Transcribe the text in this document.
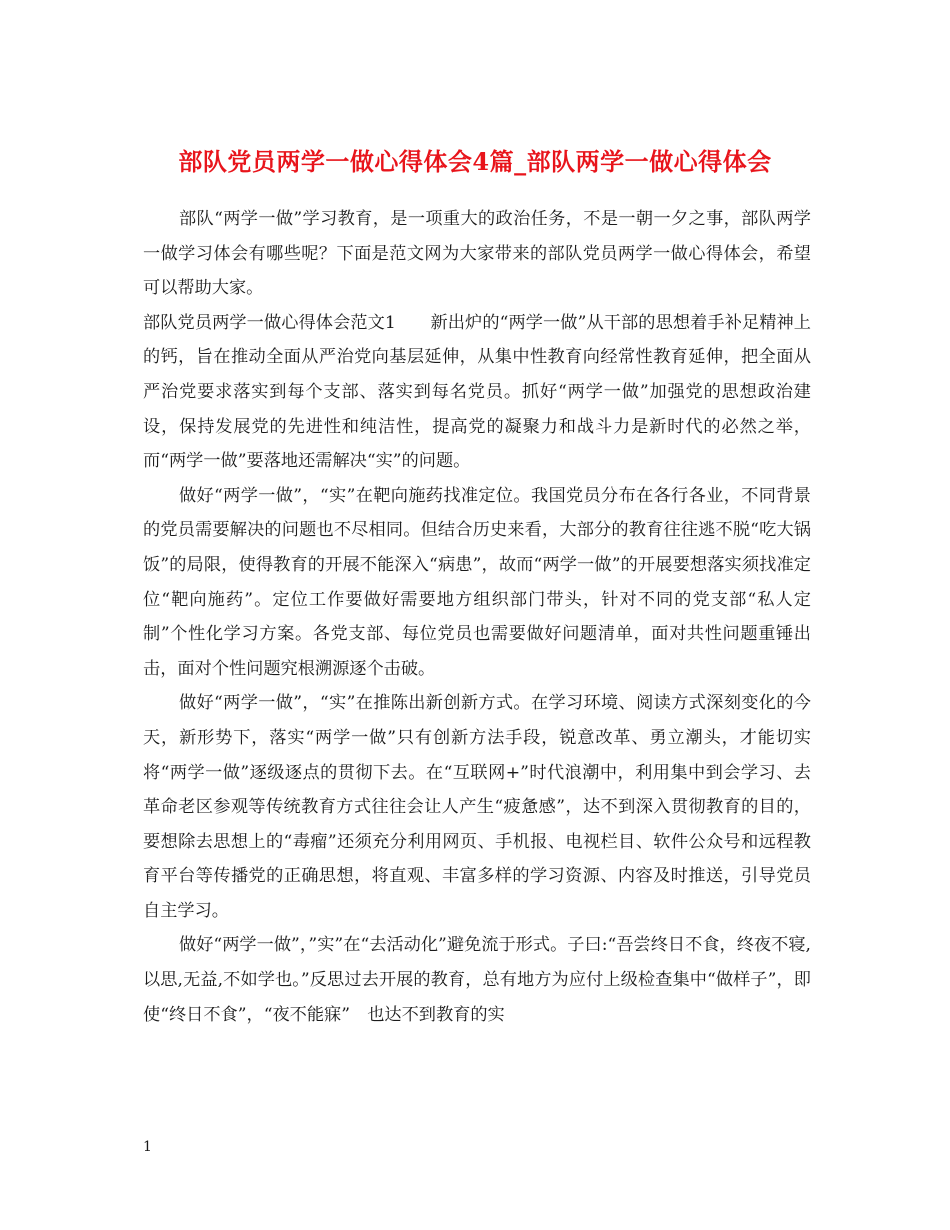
部队党员两学一做心得体会4篇_部队两学一做心得体会

部队“两学一做”学习教育，是一项重大的政治任务，不是一朝一夕之事，部队两学一做学习体会有哪些呢？下面是范文网为大家带来的部队党员两学一做心得体会，希望可以帮助大家。

部队党员两学一做心得体会范文1　　新出炉的“两学一做”从干部的思想着手补足精神上的钙，旨在推动全面从严治党向基层延伸，从集中性教育向经常性教育延伸，把全面从严治党要求落实到每个支部、落实到每名党员。抓好“两学一做”加强党的思想政治建设，保持发展党的先进性和纯洁性，提高党的凝聚力和战斗力是新时代的必然之举，而“两学一做”要落地还需解决“实”的问题。

做好“两学一做”，“实”在靶向施药找准定位。我国党员分布在各行各业，不同背景的党员需要解决的问题也不尽相同。但结合历史来看，大部分的教育往往逃不脱“吃大锅饭”的局限，使得教育的开展不能深入“病患”，故而“两学一做”的开展要想落实须找准定位“靶向施药”。定位工作要做好需要地方组织部门带头，针对不同的党支部“私人定制”个性化学习方案。各党支部、每位党员也需要做好问题清单，面对共性问题重锤出击，面对个性问题究根溯源逐个击破。

做好“两学一做”，“实”在推陈出新创新方式。在学习环境、阅读方式深刻变化的今天，新形势下，落实“两学一做”只有创新方法手段，锐意改革、勇立潮头，才能切实将“两学一做”逐级逐点的贯彻下去。在“互联网+”时代浪潮中，利用集中到会学习、去革命老区参观等传统教育方式往往会让人产生“疲惫感”，达不到深入贯彻教育的目的，要想除去思想上的“毒瘤”还须充分利用网页、手机报、电视栏目、软件公众号和远程教育平台等传播党的正确思想，将直观、丰富多样的学习资源、内容及时推送，引导党员自主学习。

做好“两学一做”，”实”在“去活动化”避免流于形式。子曰:“吾尝终日不食，终夜不寝,以思,无益,不如学也。”反思过去开展的教育，总有地方为应付上级检查集中“做样子”，即使“终日不食”，“夜不能寐”　也达不到教育的实

1
